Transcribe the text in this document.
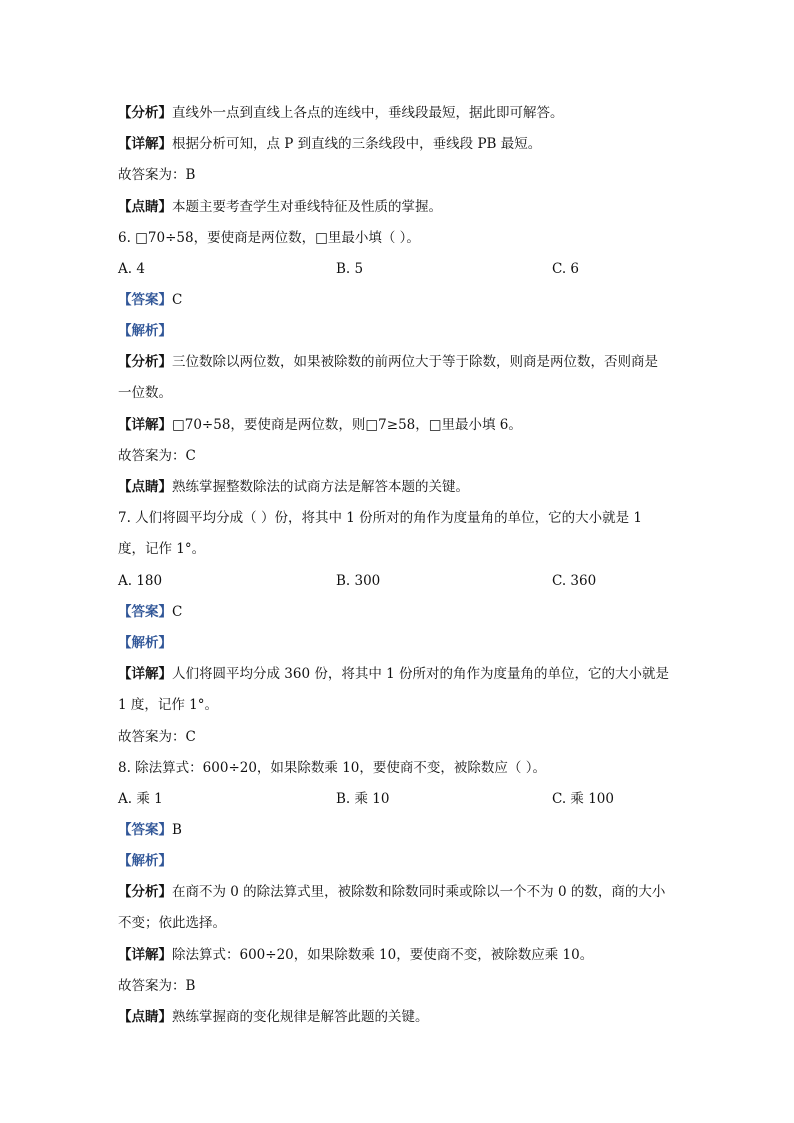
【分析】直线外一点到直线上各点的连线中，垂线段最短，据此即可解答。
【详解】根据分析可知，点 P 到直线的三条线段中，垂线段 PB 最短。
故答案为：B
【点睛】本题主要考查学生对垂线特征及性质的掌握。
6. □70÷58，要使商是两位数，□里最小填（ ）。
A. 4	B. 5	C. 6
【答案】C
【解析】
【分析】三位数除以两位数，如果被除数的前两位大于等于除数，则商是两位数，否则商是
一位数。
【详解】□70÷58，要使商是两位数，则□7≥58，□里最小填 6。
故答案为：C
【点睛】熟练掌握整数除法的试商方法是解答本题的关键。
7. 人们将圆平均分成（ ）份，将其中 1 份所对的角作为度量角的单位，它的大小就是 1
度，记作 1°。
A. 180	B. 300	C. 360
【答案】C
【解析】
【详解】人们将圆平均分成 360 份，将其中 1 份所对的角作为度量角的单位，它的大小就是
1 度，记作 1°。
故答案为：C
8. 除法算式：600÷20，如果除数乘 10，要使商不变，被除数应（ ）。
A. 乘 1	B. 乘 10	C. 乘 100
【答案】B
【解析】
【分析】在商不为 0 的除法算式里，被除数和除数同时乘或除以一个不为 0 的数，商的大小
不变；依此选择。
【详解】除法算式：600÷20，如果除数乘 10，要使商不变，被除数应乘 10。
故答案为：B
【点睛】熟练掌握商的变化规律是解答此题的关键。
